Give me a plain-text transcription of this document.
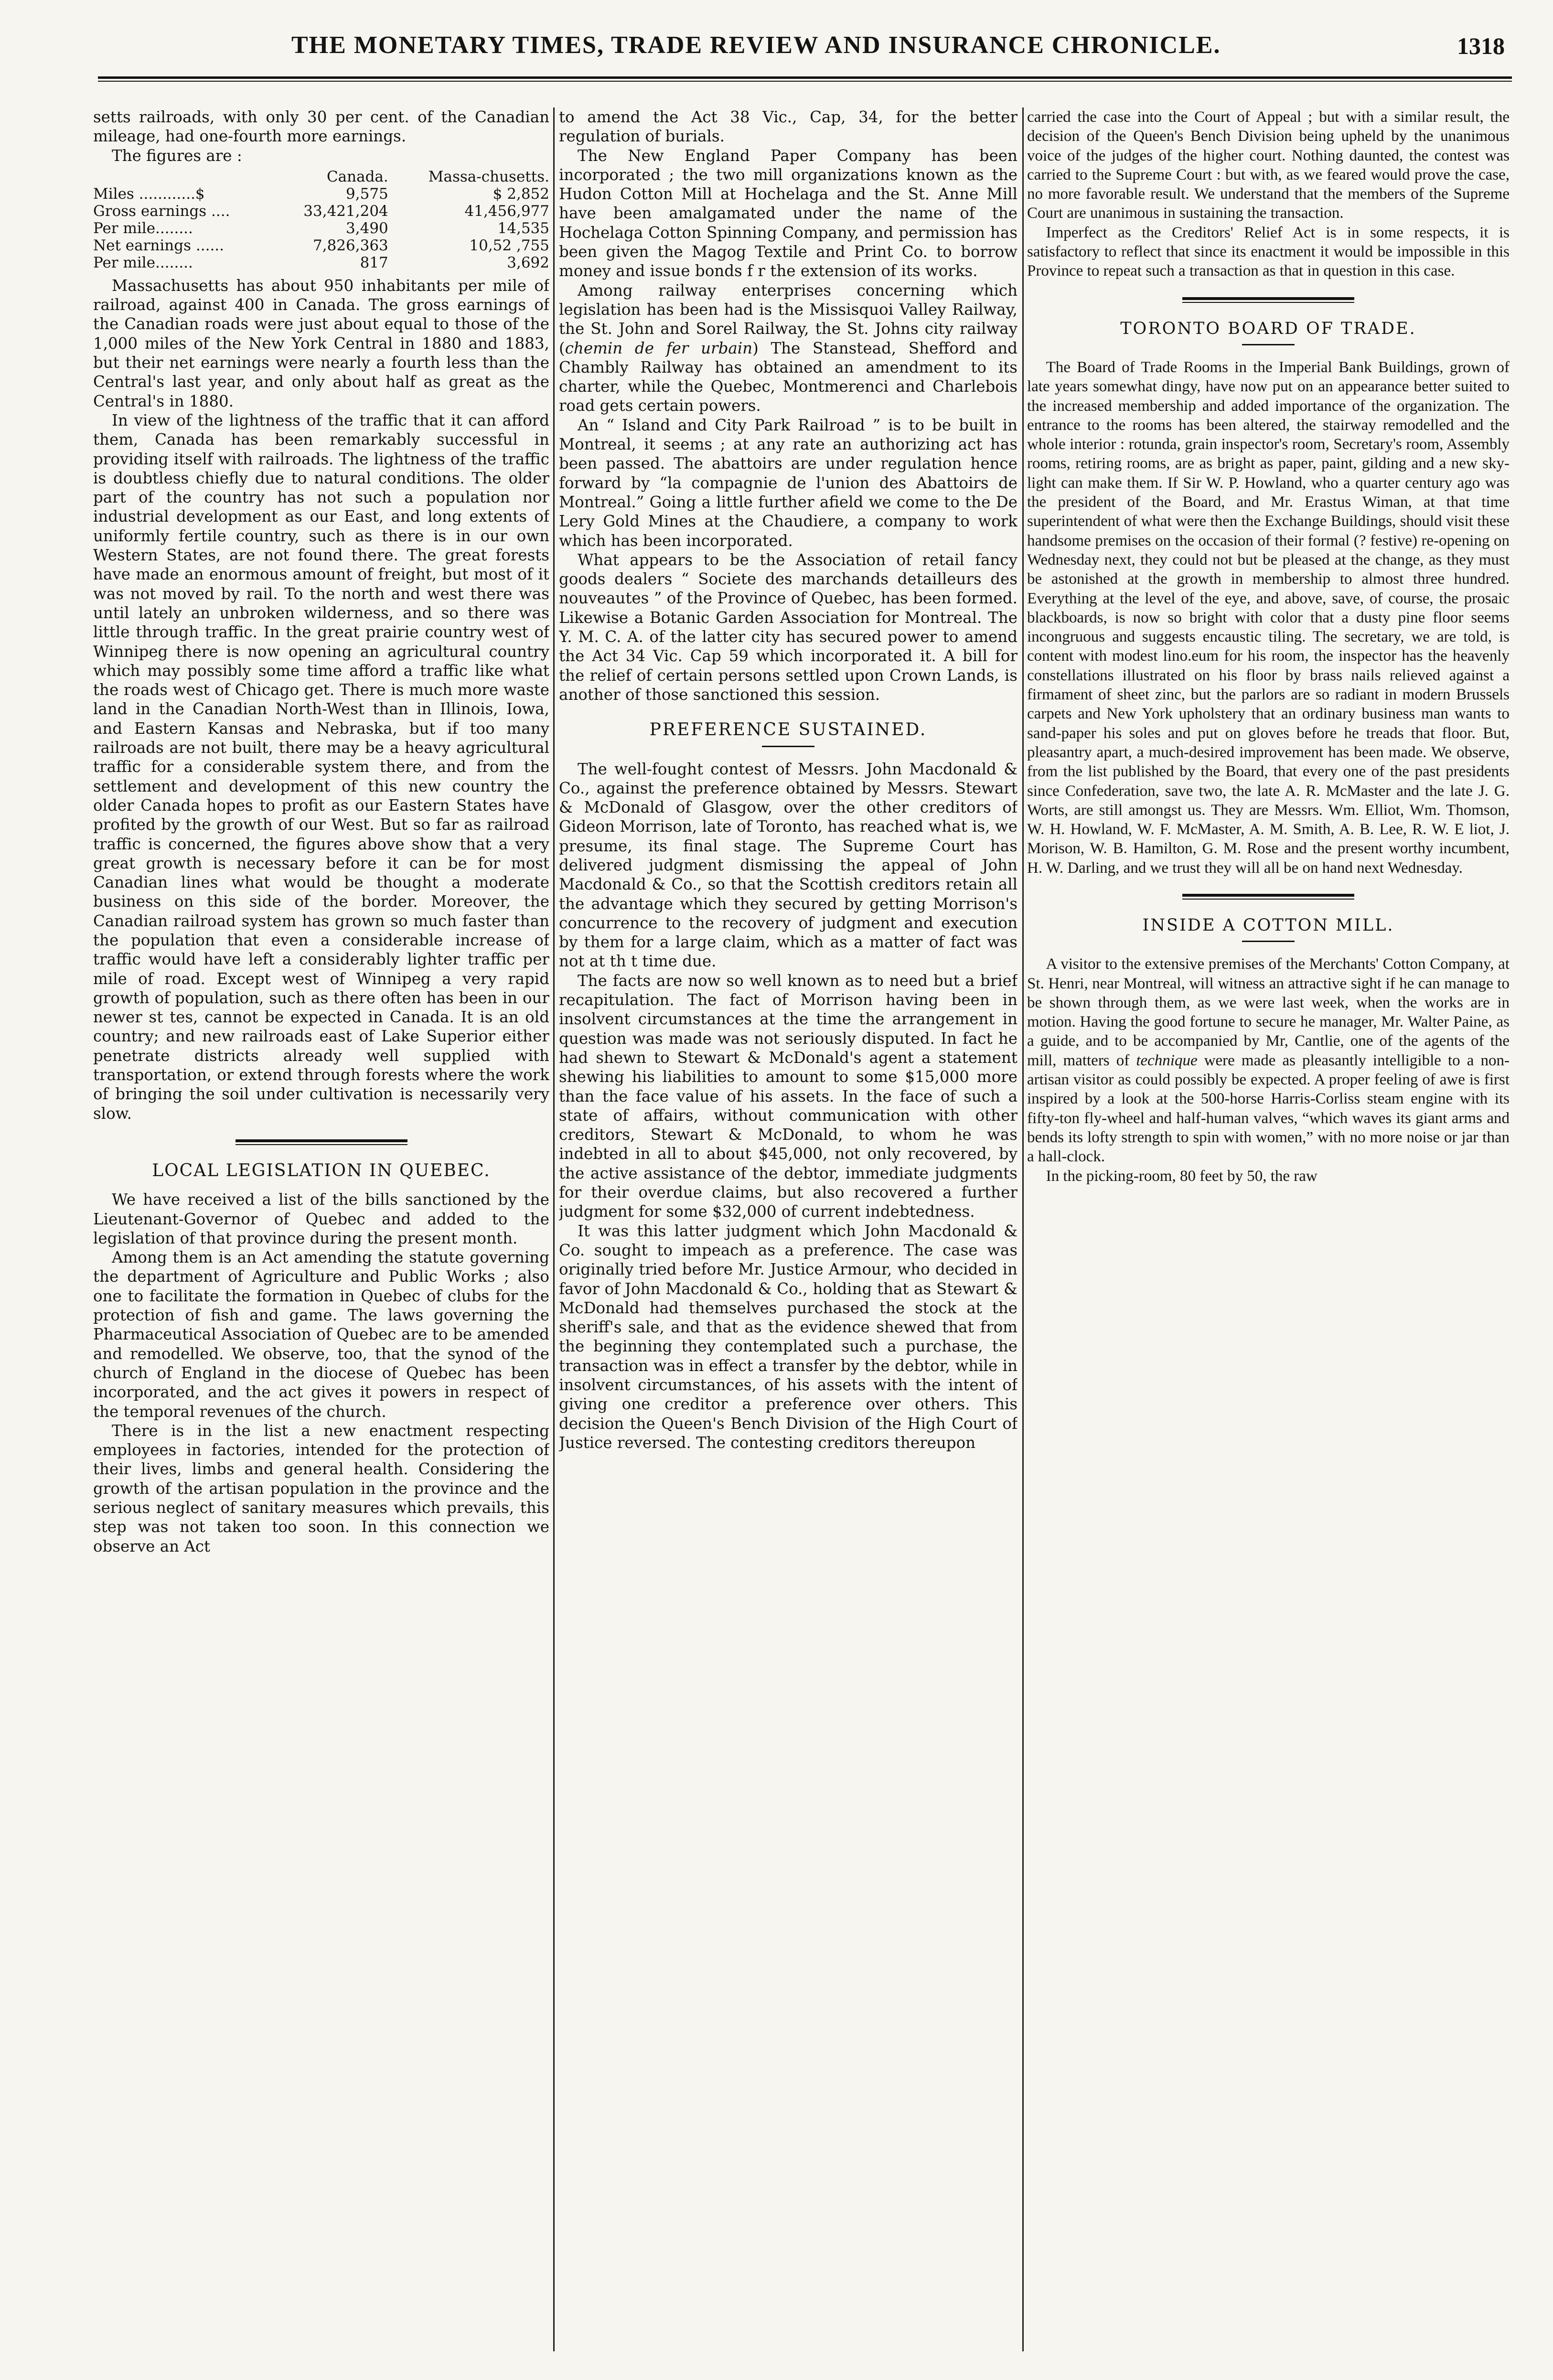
THE MONETARY TIMES, TRADE REVIEW AND INSURANCE CHRONICLE.	1318

setts railroads, with only 30 per cent. of the Canadian mileage, had one-fourth more earnings.

The figures are :

	Canada.	Massa-chusetts.
Miles ............$	9,575	$ 2,852
Gross earnings ....	33,421,204	41,456,977
Per mile........	3,490	14,535
Net earnings ......	7,826,363	10,52 ,755
Per mile........	817	3,692

Massachusetts has about 950 inhabitants per mile of railroad, against 400 in Canada. The gross earnings of the Canadian roads were just about equal to those of the 1,000 miles of the New York Central in 1880 and 1883, but their net earnings were nearly a fourth less than the Central's last year, and only about half as great as the Central's in 1880.

In view of the lightness of the traffic that it can afford them, Canada has been remarkably successful in providing itself with railroads. The lightness of the traffic is doubtless chiefly due to natural conditions. The older part of the country has not such a population nor industrial development as our East, and long extents of uniformly fertile country, such as there is in our own Western States, are not found there. The great forests have made an enormous amount of freight, but most of it was not moved by rail. To the north and west there was until lately an unbroken wilderness, and so there was little through traffic. In the great prairie country west of Winnipeg there is now opening an agricultural country which may possibly some time afford a traffic like what the roads west of Chicago get. There is much more waste land in the Canadian North-West than in Illinois, Iowa, and Eastern Kansas and Nebraska, but if too many railroads are not built, there may be a heavy agricultural traffic for a considerable system there, and from the settlement and development of this new country the older Canada hopes to profit as our Eastern States have profited by the growth of our West. But so far as railroad traffic is concerned, the figures above show that a very great growth is necessary before it can be for most Canadian lines what would be thought a moderate business on this side of the border. Moreover, the Canadian railroad system has grown so much faster than the population that even a considerable increase of traffic would have left a considerably lighter traffic per mile of road. Except west of Winnipeg a very rapid growth of population, such as there often has been in our newer st tes, cannot be expected in Canada. It is an old country; and new railroads east of Lake Superior either penetrate districts already well supplied with transportation, or extend through forests where the work of bringing the soil under cultivation is necessarily very slow.

LOCAL LEGISLATION IN QUEBEC.

We have received a list of the bills sanctioned by the Lieutenant-Governor of Quebec and added to the legislation of that province during the present month.

Among them is an Act amending the statute governing the department of Agriculture and Public Works ; also one to facilitate the formation in Quebec of clubs for the protection of fish and game. The laws governing the Pharmaceutical Association of Quebec are to be amended and remodelled. We observe, too, that the synod of the church of England in the diocese of Quebec has been incorporated, and the act gives it powers in respect of the temporal revenues of the church.

There is in the list a new enactment respecting employees in factories, intended for the protection of their lives, limbs and general health. Considering the growth of the artisan population in the province and the serious neglect of sanitary measures which prevails, this step was not taken too soon. In this connection we observe an Act

to amend the Act 38 Vic., Cap, 34, for the better regulation of burials.

The New England Paper Company has been incorporated ; the two mill organizations known as the Hudon Cotton Mill at Hochelaga and the St. Anne Mill have been amalgamated under the name of the Hochelaga Cotton Spinning Company, and permission has been given the Magog Textile and Print Co. to borrow money and issue bonds f r the extension of its works.

Among railway enterprises concerning which legislation has been had is the Missisquoi Valley Railway, the St. John and Sorel Railway, the St. Johns city railway (chemin de fer urbain) The Stanstead, Shefford and Chambly Railway has obtained an amendment to its charter, while the Quebec, Montmerenci and Charlebois road gets certain powers.

An “ Island and City Park Railroad ” is to be built in Montreal, it seems ; at any rate an authorizing act has been passed. The abattoirs are under regulation hence forward by “la compagnie de l'union des Abattoirs de Montreal.” Going a little further afield we come to the De Lery Gold Mines at the Chaudiere, a company to work which has been incorporated.

What appears to be the Association of retail fancy goods dealers “ Societe des marchands detailleurs des nouveautes ” of the Province of Quebec, has been formed. Likewise a Botanic Garden Association for Montreal. The Y. M. C. A. of the latter city has secured power to amend the Act 34 Vic. Cap 59 which incorporated it. A bill for the relief of certain persons settled upon Crown Lands, is another of those sanctioned this session.

PREFERENCE SUSTAINED.

The well-fought contest of Messrs. John Macdonald & Co., against the preference obtained by Messrs. Stewart & McDonald of Glasgow, over the other creditors of Gideon Morrison, late of Toronto, has reached what is, we presume, its final stage. The Supreme Court has delivered judgment dismissing the appeal of John Macdonald & Co., so that the Scottish creditors retain all the advantage which they secured by getting Morrison's concurrence to the recovery of judgment and execution by them for a large claim, which as a matter of fact was not at th t time due.

The facts are now so well known as to need but a brief recapitulation. The fact of Morrison having been in insolvent circumstances at the time the arrangement in question was made was not seriously disputed. In fact he had shewn to Stewart & McDonald's agent a statement shewing his liabilities to amount to some $15,000 more than the face value of his assets. In the face of such a state of affairs, without communication with other creditors, Stewart & McDonald, to whom he was indebted in all to about $45,000, not only recovered, by the active assistance of the debtor, immediate judgments for their overdue claims, but also recovered a further judgment for some $32,000 of current indebtedness.

It was this latter judgment which John Macdonald & Co. sought to impeach as a preference. The case was originally tried before Mr. Justice Armour, who decided in favor of John Macdonald & Co., holding that as Stewart & McDonald had themselves purchased the stock at the sheriff's sale, and that as the evidence shewed that from the beginning they contemplated such a purchase, the transaction was in effect a transfer by the debtor, while in insolvent circumstances, of his assets with the intent of giving one creditor a preference over others. This decision the Queen's Bench Division of the High Court of Justice reversed. The contesting creditors thereupon

carried the case into the Court of Appeal ; but with a similar result, the decision of the Queen's Bench Division being upheld by the unanimous voice of the judges of the higher court. Nothing daunted, the contest was carried to the Supreme Court : but with, as we feared would prove the case, no more favorable result. We understand that the members of the Supreme Court are unanimous in sustaining the transaction.

Imperfect as the Creditors' Relief Act is in some respects, it is satisfactory to reflect that since its enactment it would be impossible in this Province to repeat such a transaction as that in question in this case.

TORONTO BOARD OF TRADE.

The Board of Trade Rooms in the Imperial Bank Buildings, grown of late years somewhat dingy, have now put on an appearance better suited to the increased membership and added importance of the organization. The entrance to the rooms has been altered, the stairway remodelled and the whole interior : rotunda, grain inspector's room, Secretary's room, Assembly rooms, retiring rooms, are as bright as paper, paint, gilding and a new sky-light can make them. If Sir W. P. Howland, who a quarter century ago was the president of the Board, and Mr. Erastus Wiman, at that time superintendent of what were then the Exchange Buildings, should visit these handsome premises on the occasion of their formal (? festive) re-opening on Wednesday next, they could not but be pleased at the change, as they must be astonished at the growth in membership to almost three hundred. Everything at the level of the eye, and above, save, of course, the prosaic blackboards, is now so bright with color that a dusty pine floor seems incongruous and suggests encaustic tiling. The secretary, we are told, is content with modest lino.eum for his room, the inspector has the heavenly constellations illustrated on his floor by brass nails relieved against a firmament of sheet zinc, but the parlors are so radiant in modern Brussels carpets and New York upholstery that an ordinary business man wants to sand-paper his soles and put on gloves before he treads that floor. But, pleasantry apart, a much-desired improvement has been made. We observe, from the list published by the Board, that every one of the past presidents since Confederation, save two, the late A. R. McMaster and the late J. G. Worts, are still amongst us. They are Messrs. Wm. Elliot, Wm. Thomson, W. H. Howland, W. F. McMaster, A. M. Smith, A. B. Lee, R. W. E liot, J. Morison, W. B. Hamilton, G. M. Rose and the present worthy incumbent, H. W. Darling, and we trust they will all be on hand next Wednesday.

INSIDE A COTTON MILL.

A visitor to the extensive premises of the Merchants' Cotton Company, at St. Henri, near Montreal, will witness an attractive sight if he can manage to be shown through them, as we were last week, when the works are in motion. Having the good fortune to secure he manager, Mr. Walter Paine, as a guide, and to be accompanied by Mr, Cantlie, one of the agents of the mill, matters of technique were made as pleasantly intelligible to a non-artisan visitor as could possibly be expected. A proper feeling of awe is first inspired by a look at the 500-horse Harris-Corliss steam engine with its fifty-ton fly-wheel and half-human valves, “which waves its giant arms and bends its lofty strength to spin with women,” with no more noise or jar than a hall-clock.

In the picking-room, 80 feet by 50, the raw
